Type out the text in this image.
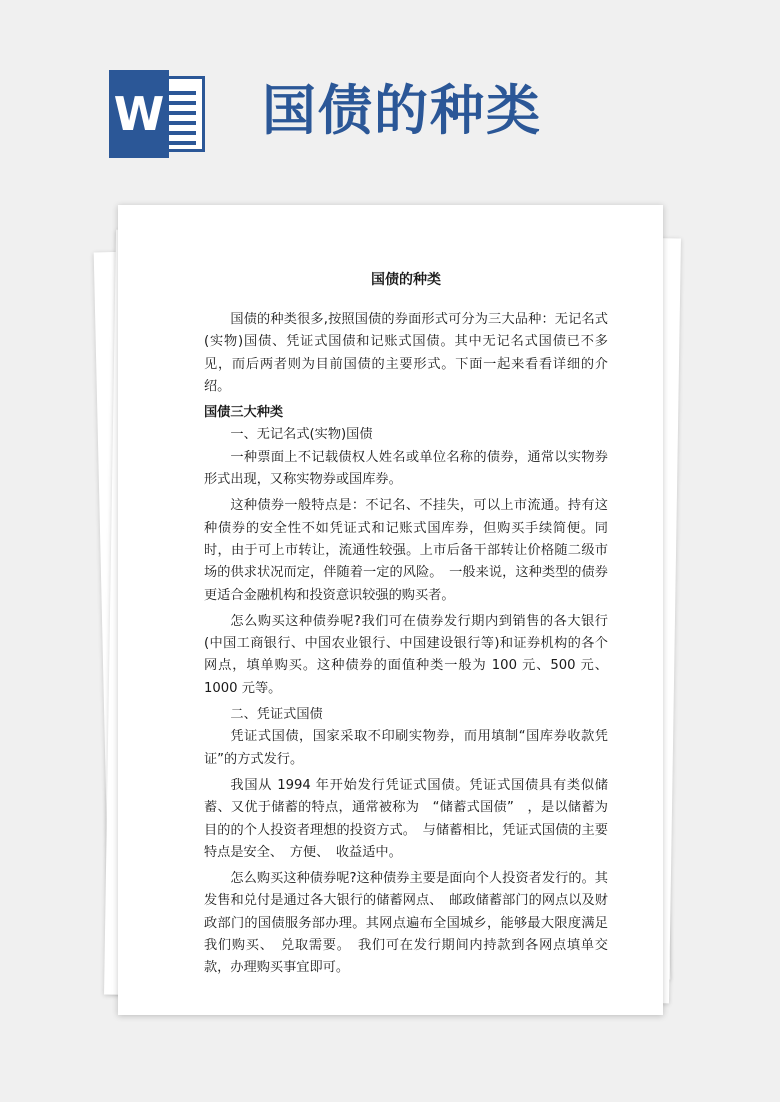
W 国债的种类
国债的种类

国债的种类很多,按照国债的券面形式可分为三大品种：无记名式(实物)国债、凭证式国债和记账式国债。其中无记名式国债已不多见，而后两者则为目前国债的主要形式。下面一起来看看详细的介绍。

国债三大种类

一、无记名式(实物)国债

一种票面上不记载债权人姓名或单位名称的债券，通常以实物券形式出现，又称实物券或国库券。

这种债券一般特点是：不记名、不挂失，可以上市流通。持有这种债券的安全性不如凭证式和记账式国库券，但购买手续简便。同时，由于可上市转让，流通性较强。上市后备干部转让价格随二级市场的供求状况而定，伴随着一定的风险。　一般来说，这种类型的债券更适合金融机构和投资意识较强的购买者。

怎么购买这种债券呢?我们可在债券发行期内到销售的各大银行(中国工商银行、中国农业银行、中国建设银行等)和证券机构的各个网点，填单购买。这种债券的面值种类一般为 100 元、500 元、1000 元等。

二、凭证式国债

凭证式国债，国家采取不印刷实物券，而用填制“国库券收款凭证”的方式发行。

我国从 1994 年开始发行凭证式国债。凭证式国债具有类似储蓄、又优于储蓄的特点，通常被称为　“储蓄式国债”　，是以储蓄为目的的个人投资者理想的投资方式。　与储蓄相比，凭证式国债的主要特点是安全、　方便、　收益适中。

怎么购买这种债券呢?这种债券主要是面向个人投资者发行的。其发售和兑付是通过各大银行的储蓄网点、　邮政储蓄部门的网点以及财政部门的国债服务部办理。其网点遍布全国城乡，能够最大限度满足我们购买、　兑取需要。　我们可在发行期间内持款到各网点填单交款，办理购买事宜即可。
